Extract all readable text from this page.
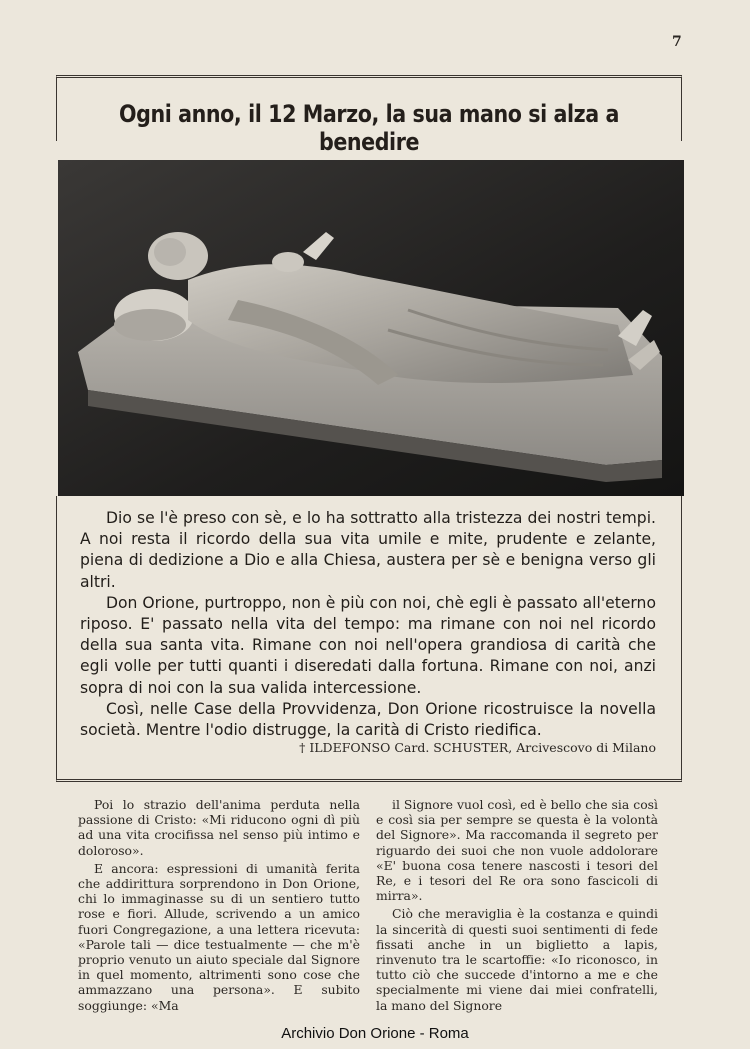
7
Ogni anno, il 12 Marzo, la sua mano si alza a benedire

Dio se l'è preso con sè, e lo ha sottratto alla tristezza dei nostri tempi. A noi resta il ricordo della sua vita umile e mite, prudente e zelante, piena di dedizione a Dio e alla Chiesa, austera per sè e benigna verso gli altri.

Don Orione, purtroppo, non è più con noi, chè egli è passato all'eterno riposo. E' passato nella vita del tempo: ma rimane con noi nel ricordo della sua santa vita. Rimane con noi nell'opera grandiosa di carità che egli volle per tutti quanti i diseredati dalla fortuna. Rimane con noi, anzi sopra di noi con la sua valida intercessione.

Così, nelle Case della Provvidenza, Don Orione ricostruisce la novella società. Mentre l'odio distrugge, la carità di Cristo riedifica.

† ILDEFONSO Card. SCHUSTER, Arcivescovo di Milano

Poi lo strazio dell'anima perduta nella passione di Cristo: «Mi riducono ogni dì più ad una vita crocifissa nel senso più intimo e doloroso».

E ancora: espressioni di umanità ferita che addirittura sorprendono in Don Orione, chi lo immaginasse su di un sentiero tutto rose e fiori. Allude, scrivendo a un amico fuori Congregazione, a una lettera ricevuta: «Parole tali — dice testualmente — che m'è proprio venuto un aiuto speciale dal Signore in quel momento, altrimenti sono cose che ammazzano una persona». E subito soggiunge: «Ma

il Signore vuol così, ed è bello che sia così e così sia per sempre se questa è la volontà del Signore». Ma raccomanda il segreto per riguardo dei suoi che non vuole addolorare «E' buona cosa tenere nascosti i tesori del Re, e i tesori del Re ora sono fascicoli di mirra».

Ciò che meraviglia è la costanza e quindi la sincerità di questi suoi sentimenti di fede fissati anche in un biglietto a lapis, rinvenuto tra le scartoffie: «Io riconosco, in tutto ciò che succede d'intorno a me e che specialmente mi viene dai miei confratelli, la mano del Signore

Archivio Don Orione - Roma
